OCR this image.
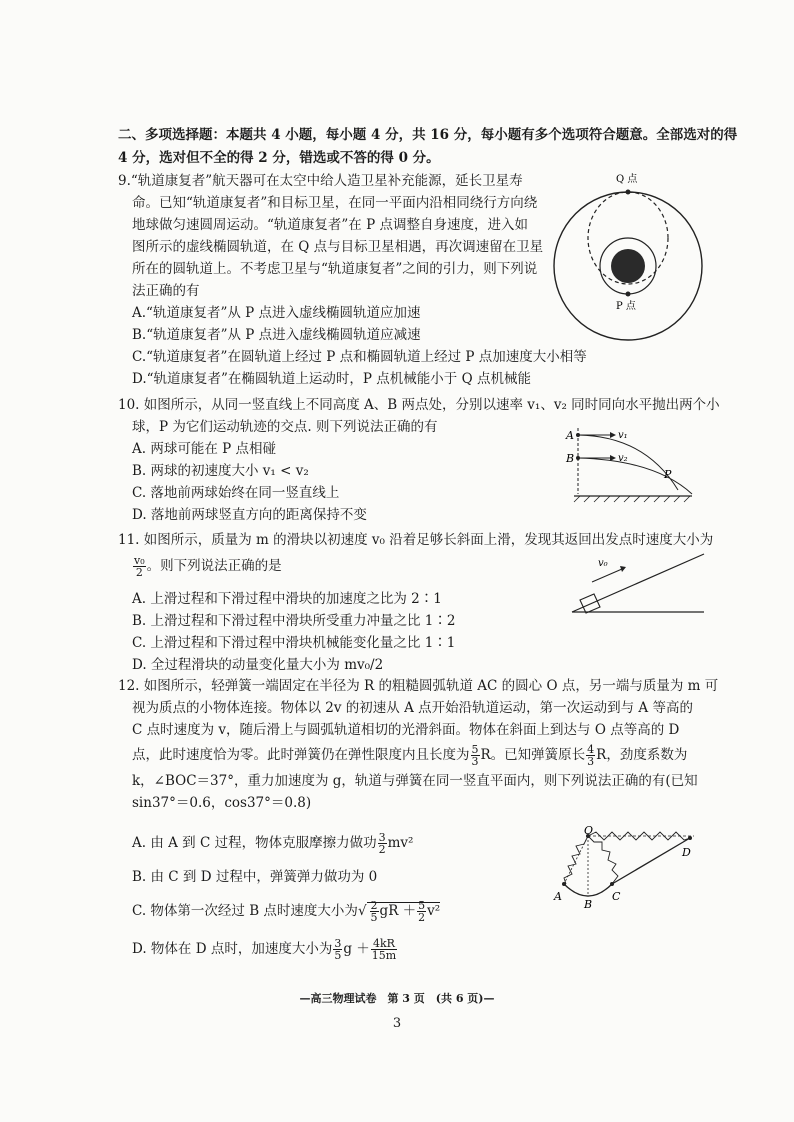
二、多项选择题：本题共 4 小题，每小题 4 分，共 16 分，每小题有多个选项符合题意。全部选对的得
4 分，选对但不全的得 2 分，错选或不答的得 0 分。
9.“轨道康复者”航天器可在太空中给人造卫星补充能源，延长卫星寿
命。已知“轨道康复者”和目标卫星，在同一平面内沿相同绕行方向绕
地球做匀速圆周运动。“轨道康复者”在 P 点调整自身速度，进入如
图所示的虚线椭圆轨道，在 Q 点与目标卫星相遇，再次调速留在卫星
所在的圆轨道上。不考虑卫星与“轨道康复者”之间的引力，则下列说
法正确的有
A.“轨道康复者”从 P 点进入虚线椭圆轨道应加速
B.“轨道康复者”从 P 点进入虚线椭圆轨道应减速
C.“轨道康复者”在圆轨道上经过 P 点和椭圆轨道上经过 P 点加速度大小相等
D.“轨道康复者”在椭圆轨道上运动时，P 点机械能小于 Q 点机械能
Q 点
P 点
10. 如图所示，从同一竖直线上不同高度 A、B 两点处，分别以速率 v₁、v₂ 同时同向水平抛出两个小
球，P 为它们运动轨迹的交点. 则下列说法正确的有
A. 两球可能在 P 点相碰
B. 两球的初速度大小 v₁ < v₂
C. 落地前两球始终在同一竖直线上
D. 落地前两球竖直方向的距离保持不变
A
B
v₁
v₂
P
11. 如图所示，质量为 m 的滑块以初速度 v₀ 沿着足够长斜面上滑，发现其返回出发点时速度大小为
$\frac{\text{v₀}}{2}$ 。则下列说法正确的是
A. 上滑过程和下滑过程中滑块的加速度之比为 2∶1
B. 上滑过程和下滑过程中滑块所受重力冲量之比 1∶2
C. 上滑过程和下滑过程中滑块机械能变化量之比 1∶1
D. 全过程滑块的动量变化量大小为 mv₀/2
v₀
12. 如图所示，轻弹簧一端固定在半径为 R 的粗糙圆弧轨道 AC 的圆心 O 点，另一端与质量为 m 可
视为质点的小物体连接。物体以 2v 的初速从 A 点开始沿轨道运动，第一次运动到与 A 等高的
C 点时速度为 v，随后滑上与圆弧轨道相切的光滑斜面。物体在斜面上到达与 O 点等高的 D
点，此时速度恰为零。此时弹簧仍在弹性限度内且长度为 $\frac{5}{3}$ R。已知弹簧原长 $\frac{4}{3}$ R，劲度系数为
k，∠BOC＝37°，重力加速度为 g，轨道与弹簧在同一竖直平面内，则下列说法正确的有(已知
sin37°＝0.6，cos37°＝0.8)
A. 由 A 到 C 过程，物体克服摩擦力做功 $\frac{3}{2} mv^2$
B. 由 C 到 D 过程中，弹簧弹力做功为 0
C. 物体第一次经过 B 点时速度大小为√ $\frac{2}{5}$ gR ＋ $\frac{5}{2} v^2$
D. 物体在 D 点时，加速度大小为 $\frac{3}{5}$ $g + \frac{4kR}{15m}$
O
A
B
C
D
—高三物理试卷　第 3 页　(共 6 页)—
3
